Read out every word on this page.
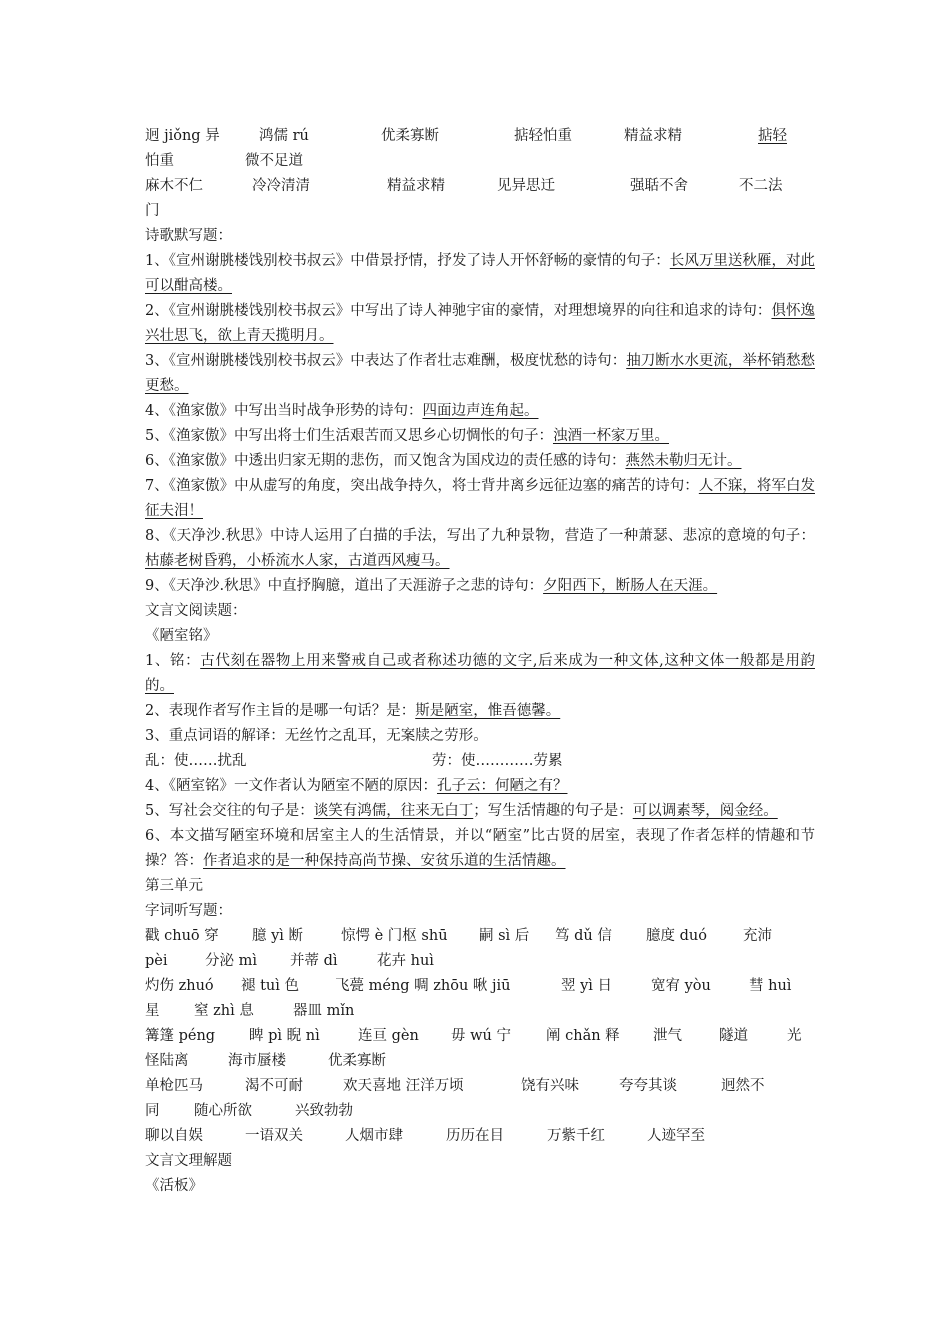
迥 jiǒng 异	鸿儒 rú	优柔寡断	掂轻怕重	精益求精	掂轻
怕重	微不足道
麻木不仁	冷冷清清	精益求精	见异思迁	强聒不舍	不二法
门
诗歌默写题：
1、《宣州谢朓楼饯别校书叔云》中借景抒情，抒发了诗人开怀舒畅的豪情的句子：长风万里送秋雁，对此可以酣高楼。
2、《宣州谢朓楼饯别校书叔云》中写出了诗人神驰宇宙的豪情，对理想境界的向往和追求的诗句：俱怀逸兴壮思飞，欲上青天揽明月。
3、《宣州谢朓楼饯别校书叔云》中表达了作者壮志难酬，极度忧愁的诗句：抽刀断水水更流，举杯销愁愁更愁。
4、《渔家傲》中写出当时战争形势的诗句：四面边声连角起。
5、《渔家傲》中写出将士们生活艰苦而又思乡心切惆怅的句子：浊酒一杯家万里。
6、《渔家傲》中透出归家无期的悲伤，而又饱含为国戍边的责任感的诗句：燕然未勒归无计。
7、《渔家傲》中从虚写的角度，突出战争持久，将士背井离乡远征边塞的痛苦的诗句：人不寐，将军白发征夫泪！
8、《天净沙.秋思》中诗人运用了白描的手法，写出了九种景物，营造了一种萧瑟、悲凉的意境的句子：枯藤老树昏鸦，小桥流水人家，古道西风瘦马。
9、《天净沙.秋思》中直抒胸臆，道出了天涯游子之悲的诗句：夕阳西下，断肠人在天涯。
文言文阅读题：
《陋室铭》
1、铭：古代刻在器物上用来警戒自己或者称述功德的文字,后来成为一种文体,这种文体一般都是用韵的。
2、表现作者写作主旨的是哪一句话？是：斯是陋室，惟吾德馨。
3、重点词语的解译：无丝竹之乱耳，无案牍之劳形。
乱：使……扰乱	劳：使…………劳累
4、《陋室铭》一文作者认为陋室不陋的原因：孔子云：何陋之有？
5、写社会交往的句子是：谈笑有鸿儒，往来无白丁；写生活情趣的句子是：可以调素琴，阅金经。
6、本文描写陋室环境和居室主人的生活情景，并以“陋室”比古贤的居室，表现了作者怎样的情趣和节操？答：作者追求的是一种保持高尚节操、安贫乐道的生活情趣。
第三单元
字词听写题：
戳 chuō 穿 臆 yì 断	惊愕 è 门枢 shū 嗣 sì 后 笃 dǔ 信 臆度 duó 充沛
pèi	分泌 mì 并蒂 dì	花卉 huì
灼伤 zhuó 褪 tuì 色 飞甍 méng 啁 zhōu 啾 jiū	翌 yì 日	宽宥 yòu	彗 huì
星 窒 zhì 息	器皿 mǐn
篝篷 péng 睥 pì 睨 nì	连亘 gèn 毋 wú 宁 阐 chǎn 释 泄气	隧道	光
怪陆离	海市蜃楼	优柔寡断
单枪匹马	渴不可耐	欢天喜地 汪洋万顷	饶有兴味	夸夸其谈	迥然不
同 随心所欲	兴致勃勃
聊以自娱	一语双关	人烟市肆	历历在目	万紫千红	人迹罕至
文言文理解题
《活板》
